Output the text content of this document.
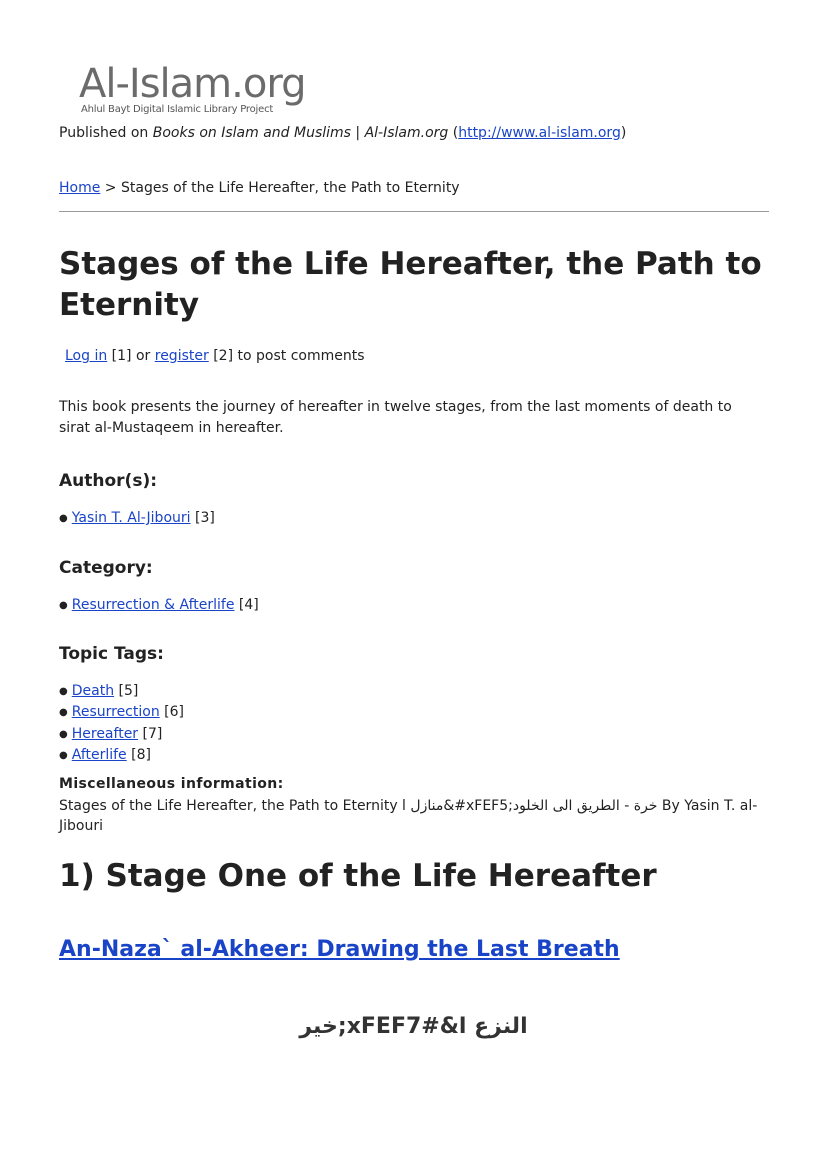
Al-Islam.org
Ahlul Bayt Digital Islamic Library Project
Published on Books on Islam and Muslims | Al-Islam.org (http://www.al-islam.org)
Home > Stages of the Life Hereafter, the Path to Eternity
Stages of the Life Hereafter, the Path to Eternity
Log in [1] or register [2] to post comments
This book presents the journey of hereafter in twelve stages, from the last moments of death to sirat al-Mustaqeem in hereafter.
Author(s):
● Yasin T. Al-Jibouri [3]
Category:
● Resurrection & Afterlife [4]
Topic Tags:
● Death [5]
● Resurrection [6]
● Hereafter [7]
● Afterlife [8]
Miscellaneous information:
Stages of the Life Hereafter, the Path to Eternity l منازل&#xFEF5;خرة - الطريق الى الخلود By Yasin T. al-Jibouri
1) Stage One of the Life Hereafter
An-Naza` al-Akheer: Drawing the Last Breath
النزع ا&#xFEF7;خير
